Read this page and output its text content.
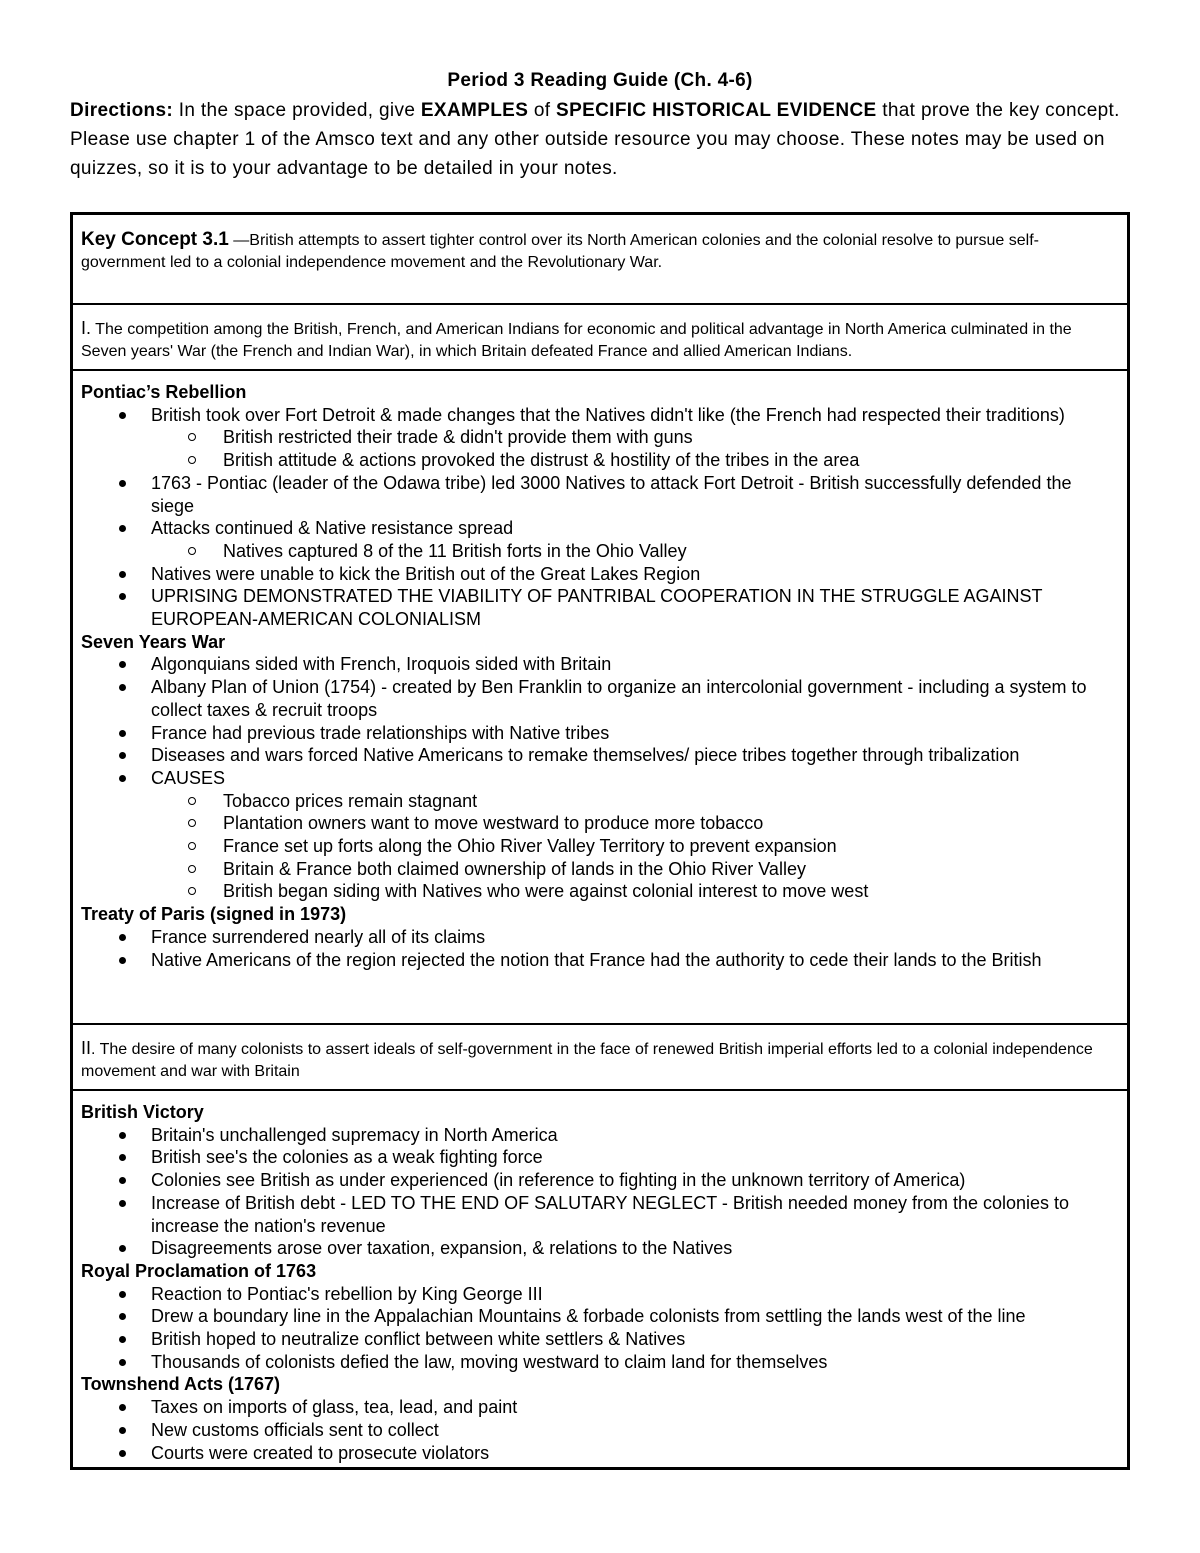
Period 3 Reading Guide (Ch. 4-6)
Directions: In the space provided, give EXAMPLES of SPECIFIC HISTORICAL EVIDENCE that prove the key concept. Please use chapter 1 of the Amsco text and any other outside resource you may choose. These notes may be used on quizzes, so it is to your advantage to be detailed in your notes.
Key Concept 3.1 —British attempts to assert tighter control over its North American colonies and the colonial resolve to pursue self-government led to a colonial independence movement and the Revolutionary War.
I. The competition among the British, French, and American Indians for economic and political advantage in North America culminated in the Seven years' War (the French and Indian War), in which Britain defeated France and allied American Indians.
Pontiac’s Rebellion
British took over Fort Detroit & made changes that the Natives didn't like (the French had respected their traditions)
British restricted their trade & didn't provide them with guns
British attitude & actions provoked the distrust & hostility of the tribes in the area
1763 - Pontiac (leader of the Odawa tribe) led 3000 Natives to attack Fort Detroit - British successfully defended the siege
Attacks continued & Native resistance spread
Natives captured 8 of the 11 British forts in the Ohio Valley
Natives were unable to kick the British out of the Great Lakes Region
UPRISING DEMONSTRATED THE VIABILITY OF PANTRIBAL COOPERATION IN THE STRUGGLE AGAINST EUROPEAN-AMERICAN COLONIALISM
Seven Years War
Algonquians sided with French, Iroquois sided with Britain
Albany Plan of Union (1754) - created by Ben Franklin to organize an intercolonial government - including a system to collect taxes & recruit troops
France had previous trade relationships with Native tribes
Diseases and wars forced Native Americans to remake themselves/ piece tribes together through tribalization
CAUSES
Tobacco prices remain stagnant
Plantation owners want to move westward to produce more tobacco
France set up forts along the Ohio River Valley Territory to prevent expansion
Britain & France both claimed ownership of lands in the Ohio River Valley
British began siding with Natives who were against colonial interest to move west
Treaty of Paris (signed in 1973)
France surrendered nearly all of its claims
Native Americans of the region rejected the notion that France had the authority to cede their lands to the British
II. The desire of many colonists to assert ideals of self-government in the face of renewed British imperial efforts led to a colonial independence movement and war with Britain
British Victory
Britain's unchallenged supremacy in North America
British see's the colonies as a weak fighting force
Colonies see British as under experienced (in reference to fighting in the unknown territory of America)
Increase of British debt - LED TO THE END OF SALUTARY NEGLECT - British needed money from the colonies to increase the nation's revenue
Disagreements arose over taxation, expansion, & relations to the Natives
Royal Proclamation of 1763
Reaction to Pontiac's rebellion by King George III
Drew a boundary line in the Appalachian Mountains & forbade colonists from settling the lands west of the line
British hoped to neutralize conflict between white settlers & Natives
Thousands of colonists defied the law, moving westward to claim land for themselves
Townshend Acts (1767)
Taxes on imports of glass, tea, lead, and paint
New customs officials sent to collect
Courts were created to prosecute violators
